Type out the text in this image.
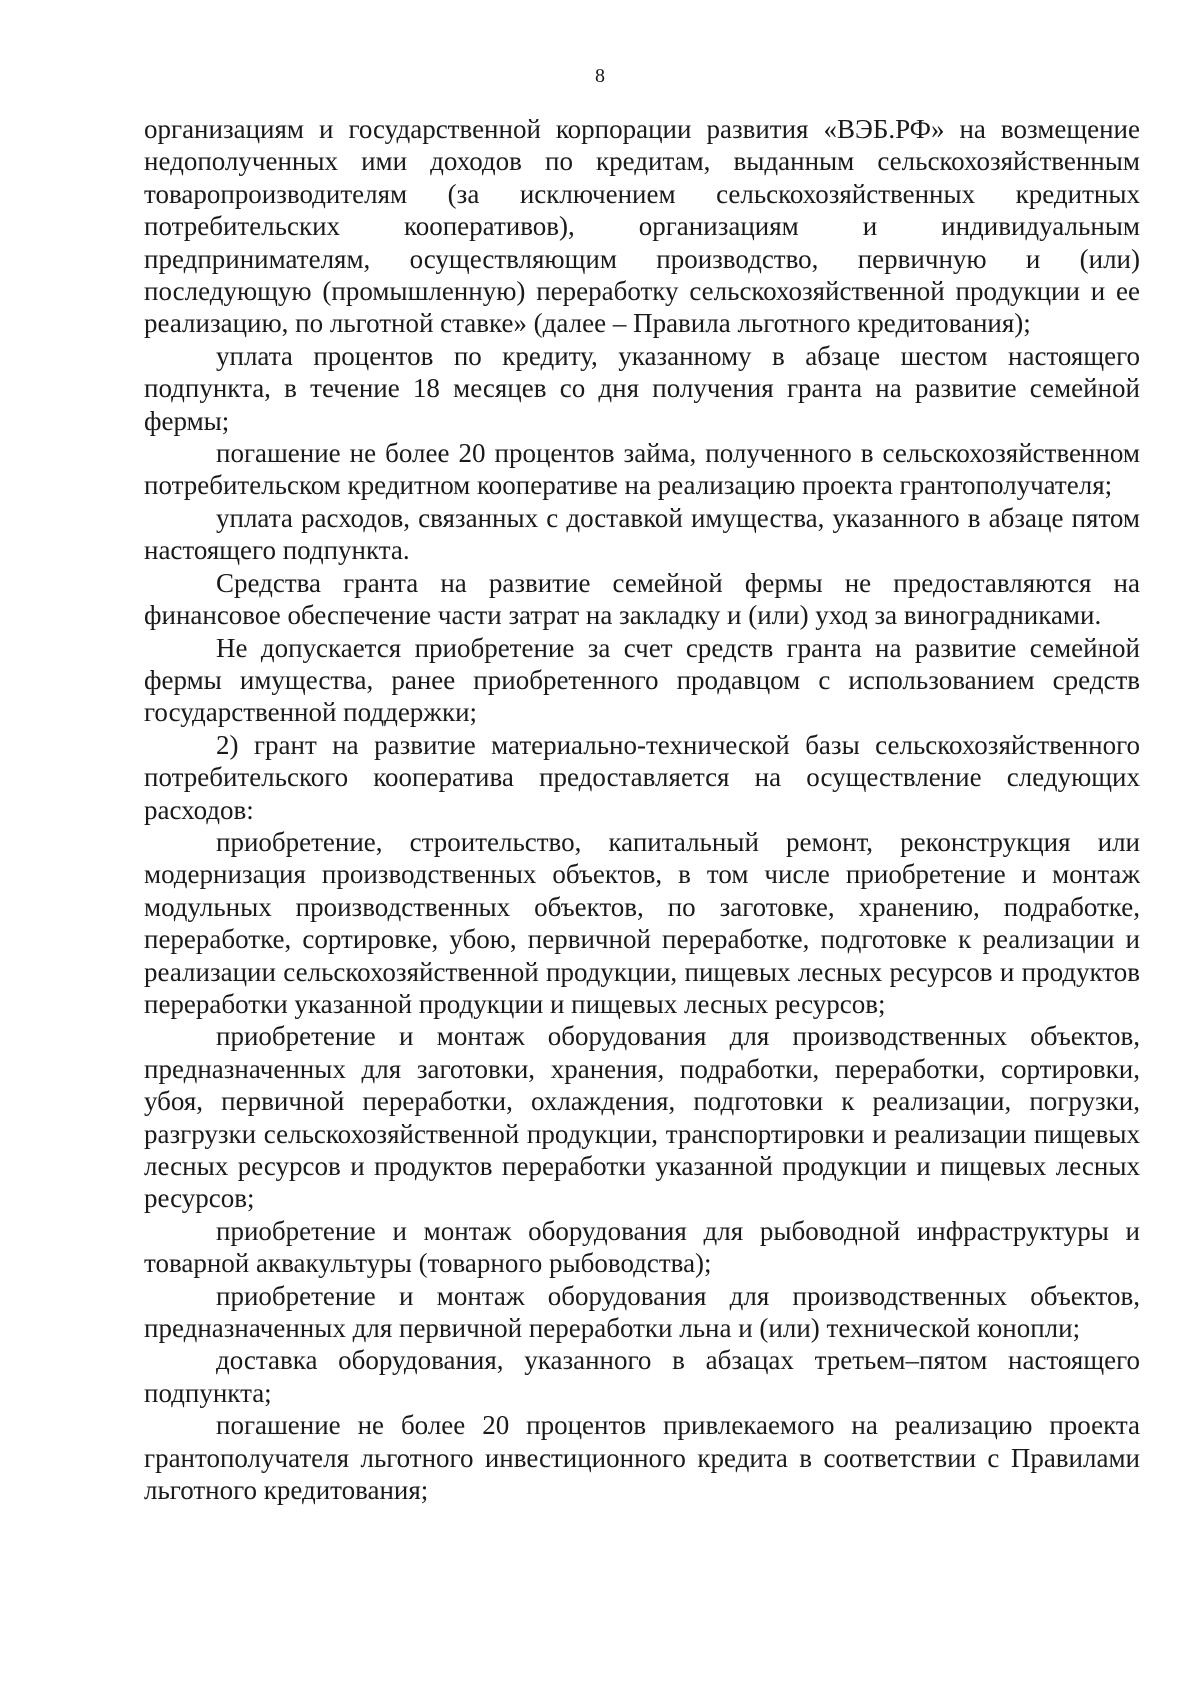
8

организациям и государственной корпорации развития «ВЭБ.РФ» на возмещение недополученных ими доходов по кредитам, выданным сельскохозяйственным товаропроизводителям (за исключением сельскохозяйственных кредитных потребительских кооперативов), организациям и индивидуальным предпринимателям, осуществляющим производство, первичную и (или) последующую (промышленную) переработку сельскохозяйственной продукции и ее реализацию, по льготной ставке» (далее – Правила льготного кредитования);

уплата процентов по кредиту, указанному в абзаце шестом настоящего подпункта, в течение 18 месяцев со дня получения гранта на развитие семейной фермы;

погашение не более 20 процентов займа, полученного в сельскохозяйственном потребительском кредитном кооперативе на реализацию проекта грантополучателя;

уплата расходов, связанных с доставкой имущества, указанного в абзаце пятом настоящего подпункта.

Средства гранта на развитие семейной фермы не предоставляются на финансовое обеспечение части затрат на закладку и (или) уход за виноградниками.

Не допускается приобретение за счет средств гранта на развитие семейной фермы имущества, ранее приобретенного продавцом с использованием средств государственной поддержки;

2) грант на развитие материально-технической базы сельскохозяйственного потребительского кооператива предоставляется на осуществление следующих расходов:

приобретение, строительство, капитальный ремонт, реконструкция или модернизация производственных объектов, в том числе приобретение и монтаж модульных производственных объектов, по заготовке, хранению, подработке, переработке, сортировке, убою, первичной переработке, подготовке к реализации и реализации сельскохозяйственной продукции, пищевых лесных ресурсов и продуктов переработки указанной продукции и пищевых лесных ресурсов;

приобретение и монтаж оборудования для производственных объектов, предназначенных для заготовки, хранения, подработки, переработки, сортировки, убоя, первичной переработки, охлаждения, подготовки к реализации, погрузки, разгрузки сельскохозяйственной продукции, транспортировки и реализации пищевых лесных ресурсов и продуктов переработки указанной продукции и пищевых лесных ресурсов;

приобретение и монтаж оборудования для рыбоводной инфраструктуры и товарной аквакультуры (товарного рыбоводства);

приобретение и монтаж оборудования для производственных объектов, предназначенных для первичной переработки льна и (или) технической конопли;

доставка оборудования, указанного в абзацах третьем–пятом настоящего подпункта;

погашение не более 20 процентов привлекаемого на реализацию проекта грантополучателя льготного инвестиционного кредита в соответствии с Правилами льготного кредитования;
